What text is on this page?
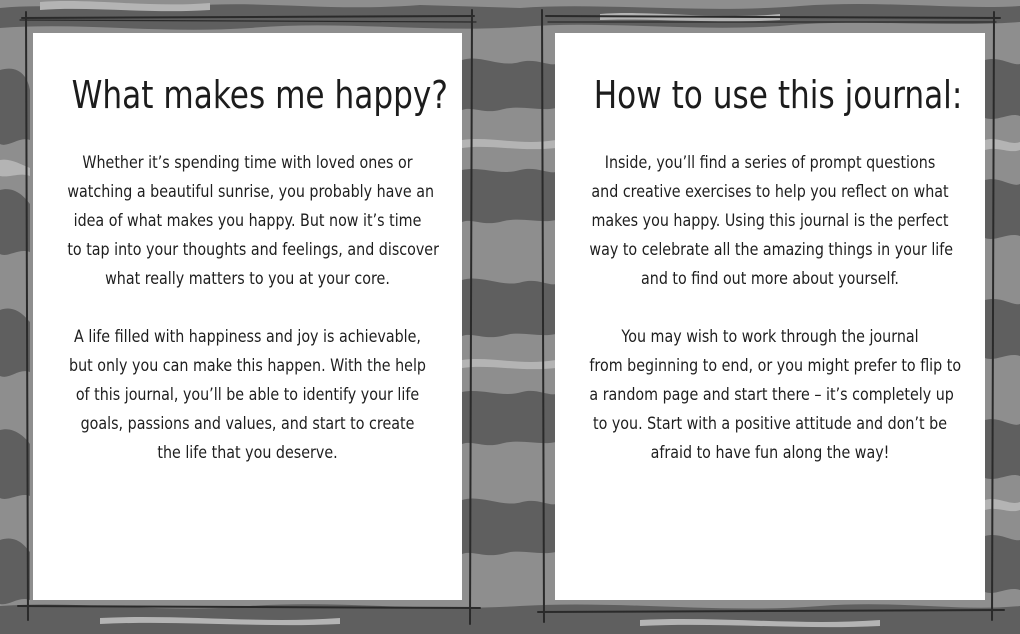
What makes me happy?

Whether it’s spending time with loved ones or
watching a beautiful sunrise, you probably have an
idea of what makes you happy. But now it’s time
to tap into your thoughts and feelings, and discover
what really matters to you at your core.

A life filled with happiness and joy is achievable,
but only you can make this happen. With the help
of this journal, you’ll be able to identify your life
goals, passions and values, and start to create
the life that you deserve.

How to use this journal:

Inside, you’ll find a series of prompt questions
and creative exercises to help you reflect on what
makes you happy. Using this journal is the perfect
way to celebrate all the amazing things in your life
and to find out more about yourself.

You may wish to work through the journal
from beginning to end, or you might prefer to flip to
a random page and start there – it’s completely up
to you. Start with a positive attitude and don’t be
afraid to have fun along the way!
